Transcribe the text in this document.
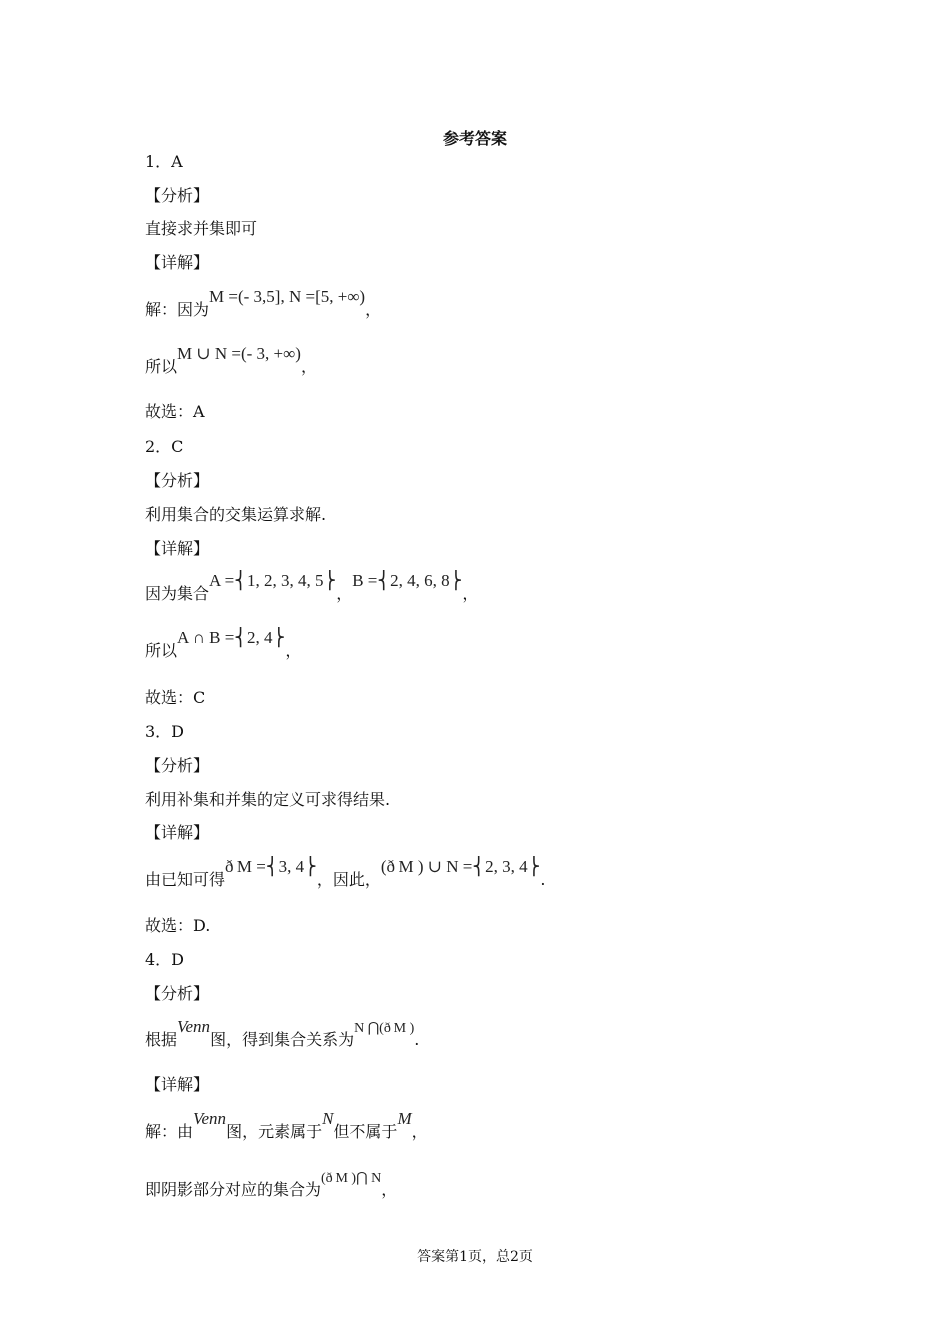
参考答案
1．A
【分析】
直接求并集即可
【详解】
解：因为M =(- 3,5], N =[5, +∞)，
所以M ∪ N =(- 3, +∞)，
故选：A
2．C
【分析】
利用集合的交集运算求解.
【详解】
因为集合A =⎨1, 2, 3, 4, 5⎬，B =⎨2, 4, 6, 8⎬，
所以A ∩ B =⎨2, 4⎬，
故选：C
3．D
【分析】
利用补集和并集的定义可求得结果.
【详解】
由已知可得ð M =⎨3, 4⎬，因此，(ð M ) ∪ N =⎨2, 3, 4⎬.
故选：D.
4．D
【分析】
根据Venn图，得到集合关系为N ⋂(ð M ).
【详解】
解：由Venn图，元素属于N但不属于M，
即阴影部分对应的集合为(ð M )⋂ N，
答案第1页，总2页
